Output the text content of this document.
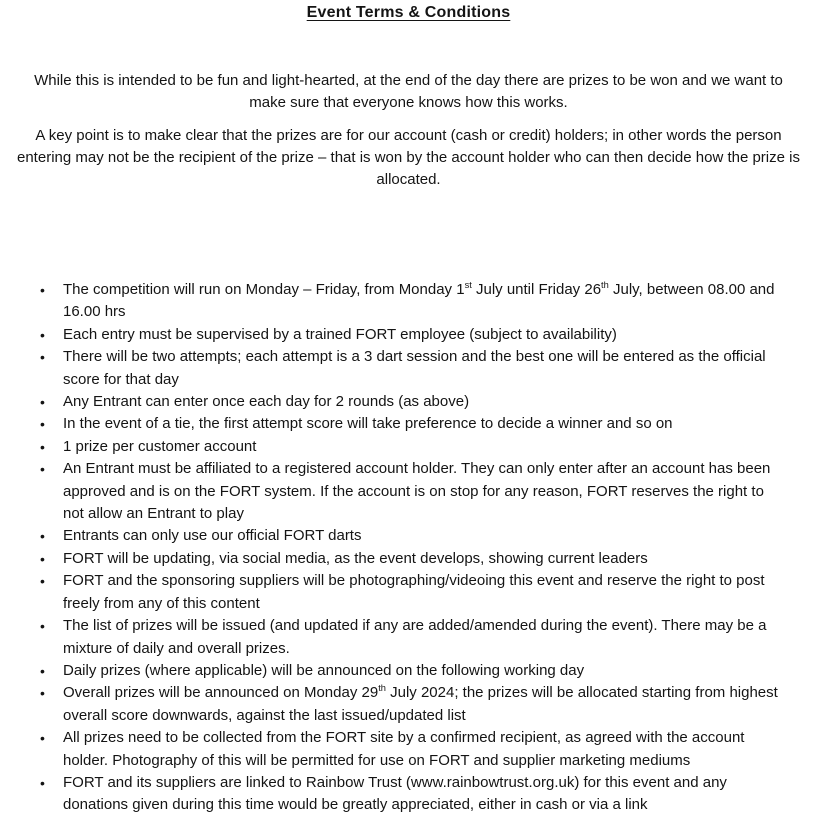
Event Terms & Conditions

While this is intended to be fun and light-hearted, at the end of the day there are prizes to be won and we want to make sure that everyone knows how this works.

A key point is to make clear that the prizes are for our account (cash or credit) holders; in other words the person entering may not be the recipient of the prize – that is won by the account holder who can then decide how the prize is allocated.

• The competition will run on Monday – Friday, from Monday 1st July until Friday 26th July, between 08.00 and 16.00 hrs
• Each entry must be supervised by a trained FORT employee (subject to availability)
• There will be two attempts; each attempt is a 3 dart session and the best one will be entered as the official score for that day
• Any Entrant can enter once each day for 2 rounds (as above)
• In the event of a tie, the first attempt score will take preference to decide a winner and so on
• 1 prize per customer account
• An Entrant must be affiliated to a registered account holder. They can only enter after an account has been approved and is on the FORT system. If the account is on stop for any reason, FORT reserves the right to not allow an Entrant to play
• Entrants can only use our official FORT darts
• FORT will be updating, via social media, as the event develops, showing current leaders
• FORT and the sponsoring suppliers will be photographing/videoing this event and reserve the right to post freely from any of this content
• The list of prizes will be issued (and updated if any are added/amended during the event). There may be a mixture of daily and overall prizes.
• Daily prizes (where applicable) will be announced on the following working day
• Overall prizes will be announced on Monday 29th July 2024; the prizes will be allocated starting from highest overall score downwards, against the last issued/updated list
• All prizes need to be collected from the FORT site by a confirmed recipient, as agreed with the account holder. Photography of this will be permitted for use on FORT and supplier marketing mediums
• FORT and its suppliers are linked to Rainbow Trust (www.rainbowtrust.org.uk) for this event and any donations given during this time would be greatly appreciated, either in cash or via a link
